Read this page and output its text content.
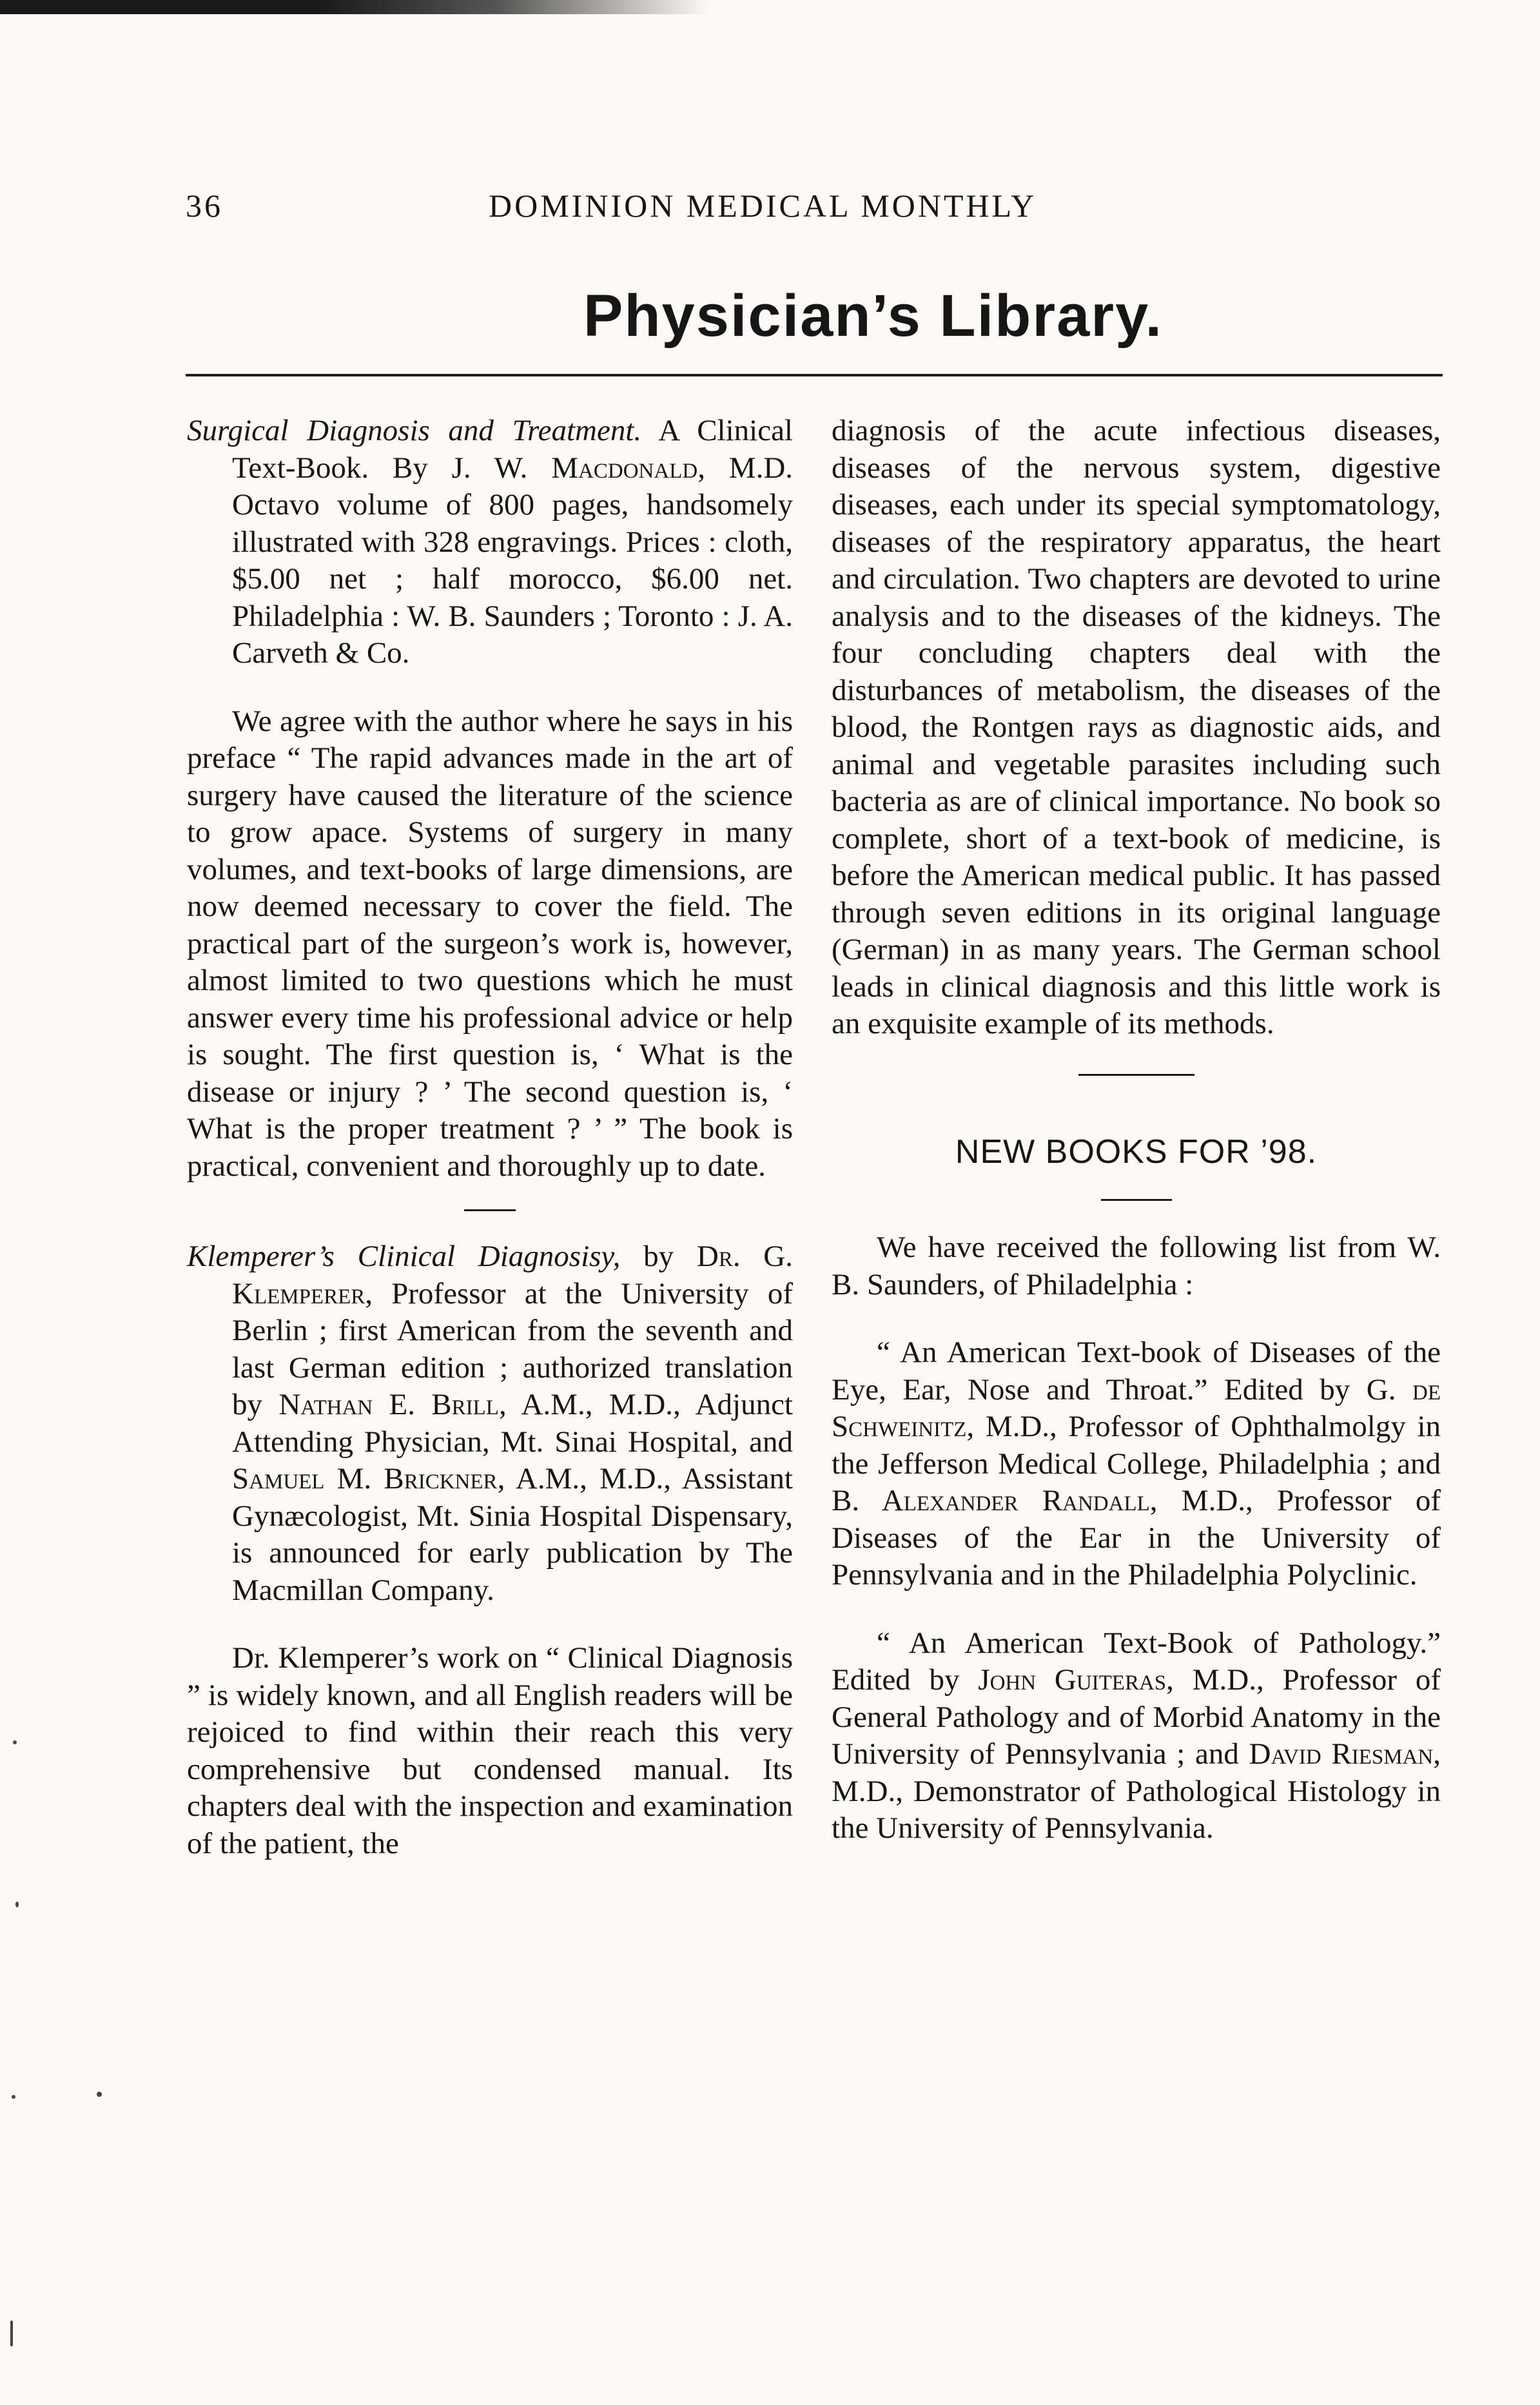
36	DOMINION MEDICAL MONTHLY
Physician’s Library.

Surgical Diagnosis and Treatment. A Clinical Text-Book. By J. W. Macdonald, M.D. Octavo volume of 800 pages, handsomely illustrated with 328 engravings. Prices : cloth, $5.00 net ; half morocco, $6.00 net. Philadelphia : W. B. Saunders ; Toronto : J. A. Carveth & Co.

We agree with the author where he says in his preface “ The rapid advances made in the art of surgery have caused the literature of the science to grow apace. Systems of surgery in many volumes, and text-books of large dimensions, are now deemed necessary to cover the field. The practical part of the surgeon’s work is, however, almost limited to two questions which he must answer every time his professional advice or help is sought. The first question is, ‘ What is the disease or injury ? ’ The second question is, ‘ What is the proper treatment ? ’ ” The book is practical, convenient and thoroughly up to date.

Klemperer’s Clinical Diagnosisy, by Dr. G. Klemperer, Professor at the University of Berlin ; first American from the seventh and last German edition ; authorized translation by Nathan E. Brill, A.M., M.D., Adjunct Attending Physician, Mt. Sinai Hospital, and Samuel M. Brickner, A.M., M.D., Assistant Gynæcologist, Mt. Sinia Hospital Dispensary, is announced for early publication by The Macmillan Company.

Dr. Klemperer’s work on “ Clinical Diagnosis ” is widely known, and all English readers will be rejoiced to find within their reach this very comprehensive but condensed manual. Its chapters deal with the inspection and examination of the patient, the

diagnosis of the acute infectious diseases, diseases of the nervous system, digestive diseases, each under its special symptomatology, diseases of the respiratory apparatus, the heart and circulation. Two chapters are devoted to urine analysis and to the diseases of the kidneys. The four concluding chapters deal with the disturbances of metabolism, the diseases of the blood, the Rontgen rays as diagnostic aids, and animal and vegetable parasites including such bacteria as are of clinical importance. No book so complete, short of a text-book of medicine, is before the American medical public. It has passed through seven editions in its original language (German) in as many years. The German school leads in clinical diagnosis and this little work is an exquisite example of its methods.

NEW BOOKS FOR ’98.

We have received the following list from W. B. Saunders, of Philadelphia :

“ An American Text-book of Diseases of the Eye, Ear, Nose and Throat.” Edited by G. de Schweinitz, M.D., Professor of Ophthalmolgy in the Jefferson Medical College, Philadelphia ; and B. Alexander Randall, M.D., Professor of Diseases of the Ear in the University of Pennsylvania and in the Philadelphia Polyclinic.

“ An American Text-Book of Pathology.” Edited by John Guiteras, M.D., Professor of General Pathology and of Morbid Anatomy in the University of Pennsylvania ; and David Riesman, M.D., Demonstrator of Pathological Histology in the University of Pennsylvania.
